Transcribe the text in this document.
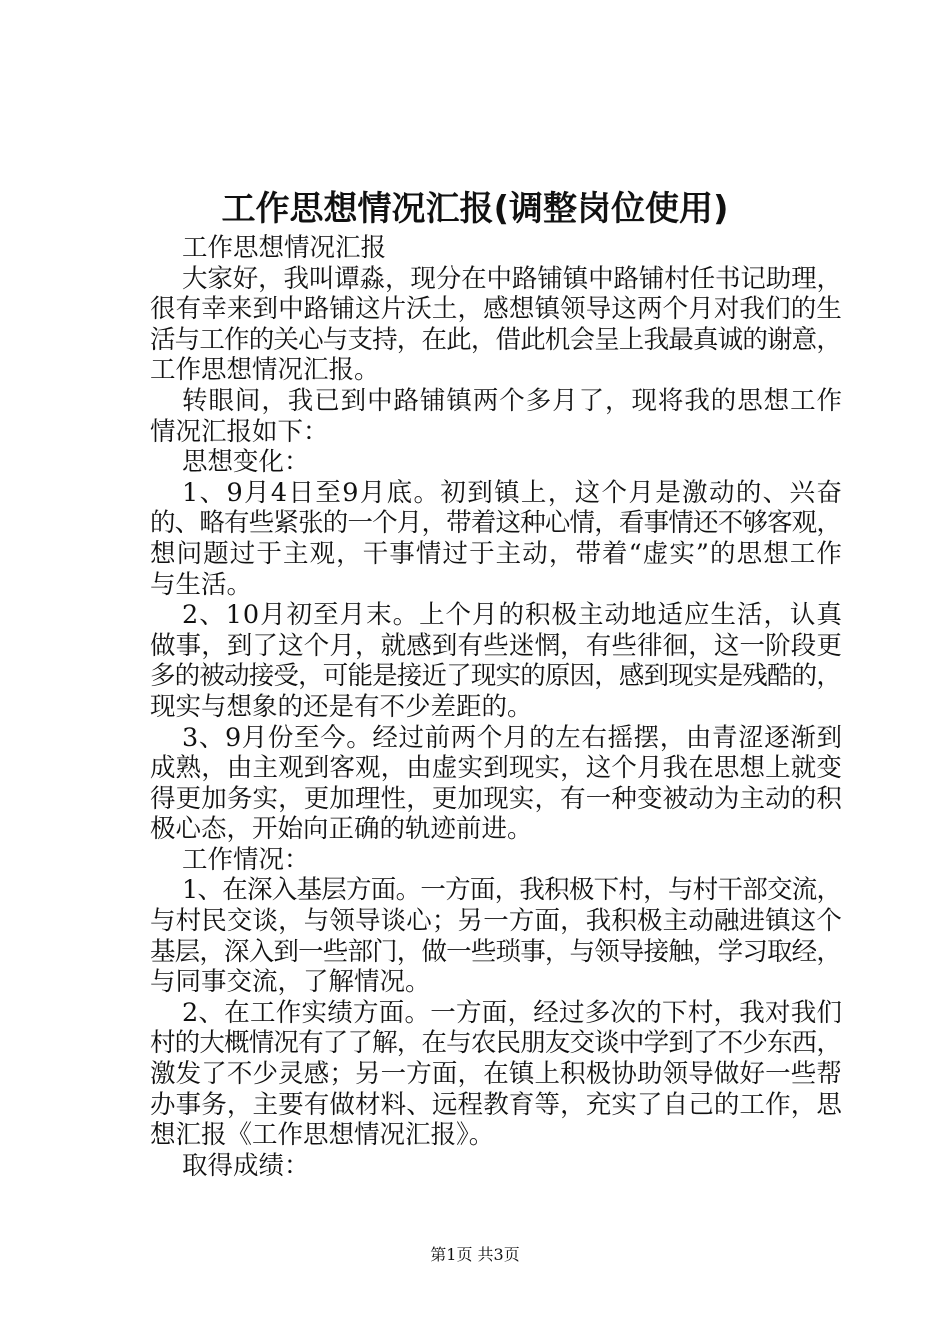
工作思想情况汇报(调整岗位使用)
工作思想情况汇报
大家好，我叫谭淼，现分在中路铺镇中路铺村任书记助理，
很有幸来到中路铺这片沃土，感想镇领导这两个月对我们的生
活与工作的关心与支持，在此，借此机会呈上我最真诚的谢意，
工作思想情况汇报。
转眼间，我已到中路铺镇两个多月了，现将我的思想工作
情况汇报如下：
思想变化：
1、9月4日至9月底。初到镇上，这个月是激动的、兴奋
的、略有些紧张的一个月，带着这种心情，看事情还不够客观，
想问题过于主观，干事情过于主动，带着“虚实”的思想工作
与生活。
2、10月初至月末。上个月的积极主动地适应生活，认真
做事，到了这个月，就感到有些迷惘，有些徘徊，这一阶段更
多的被动接受，可能是接近了现实的原因，感到现实是残酷的，
现实与想象的还是有不少差距的。
3、9月份至今。经过前两个月的左右摇摆，由青涩逐渐到
成熟，由主观到客观，由虚实到现实，这个月我在思想上就变
得更加务实，更加理性，更加现实，有一种变被动为主动的积
极心态，开始向正确的轨迹前进。
工作情况：
1、在深入基层方面。一方面，我积极下村，与村干部交流，
与村民交谈，与领导谈心；另一方面，我积极主动融进镇这个
基层，深入到一些部门，做一些琐事，与领导接触，学习取经，
与同事交流，了解情况。
2、在工作实绩方面。一方面，经过多次的下村，我对我们
村的大概情况有了了解，在与农民朋友交谈中学到了不少东西，
激发了不少灵感；另一方面，在镇上积极协助领导做好一些帮
办事务，主要有做材料、远程教育等，充实了自己的工作，思
想汇报《工作思想情况汇报》。
取得成绩：
第1页 共3页
